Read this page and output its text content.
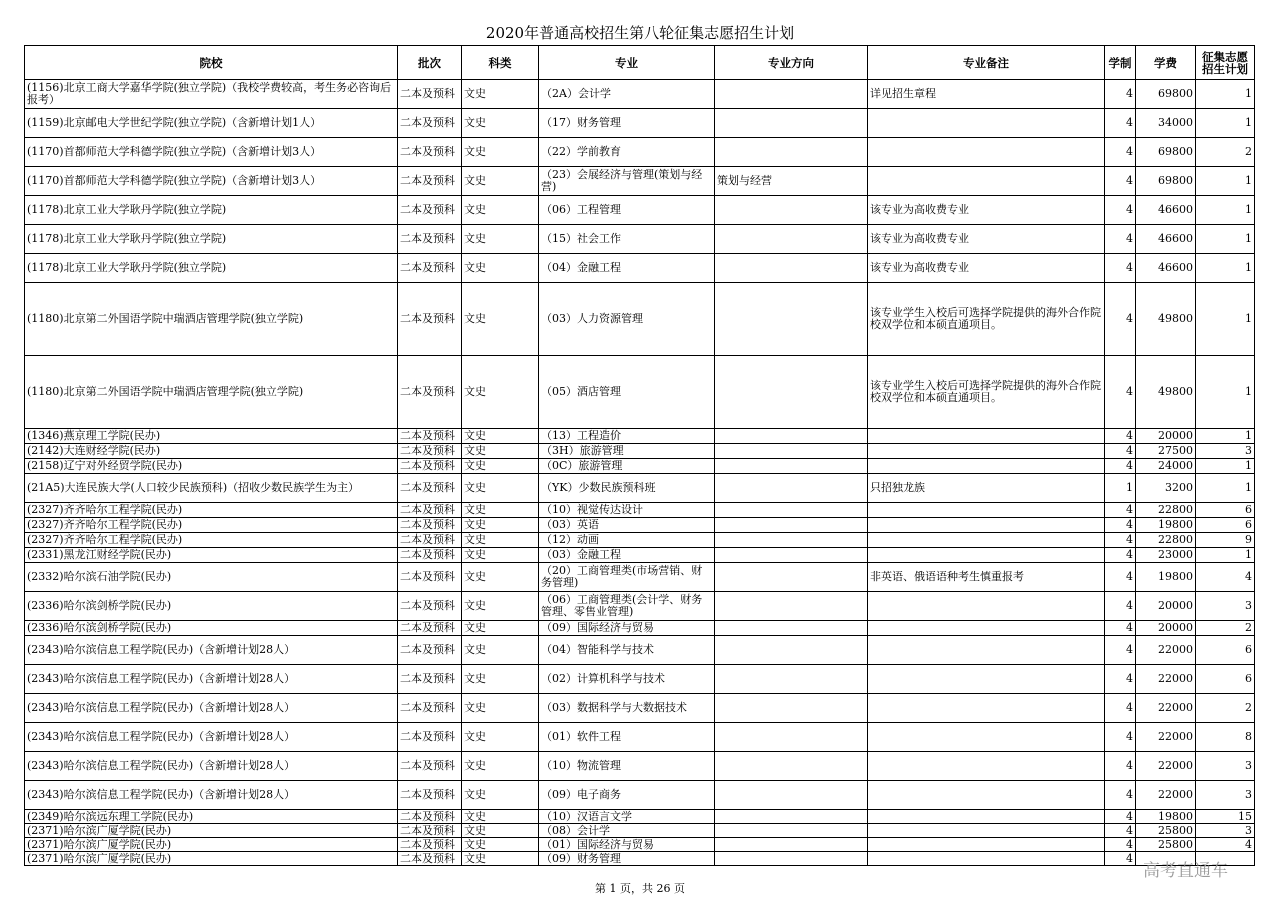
2020年普通高校招生第八轮征集志愿招生计划
院校	批次	科类	专业	专业方向	专业备注	学制	学费	征集志愿招生计划
(1156)北京工商大学嘉华学院(独立学院)（我校学费较高，考生务必咨询后报考）	二本及预科	文史	（2A）会计学		详见招生章程	4	69800	1
(1159)北京邮电大学世纪学院(独立学院)（含新增计划1人）	二本及预科	文史	（17）财务管理			4	34000	1
(1170)首都师范大学科德学院(独立学院)（含新增计划3人）	二本及预科	文史	（22）学前教育			4	69800	2
(1170)首都师范大学科德学院(独立学院)（含新增计划3人）	二本及预科	文史	（23）会展经济与管理(策划与经营)	策划与经营		4	69800	1
(1178)北京工业大学耿丹学院(独立学院)	二本及预科	文史	（06）工程管理		该专业为高收费专业	4	46600	1
(1178)北京工业大学耿丹学院(独立学院)	二本及预科	文史	（15）社会工作		该专业为高收费专业	4	46600	1
(1178)北京工业大学耿丹学院(独立学院)	二本及预科	文史	（04）金融工程		该专业为高收费专业	4	46600	1
(1180)北京第二外国语学院中瑞酒店管理学院(独立学院)	二本及预科	文史	（03）人力资源管理		该专业学生入校后可选择学院提供的海外合作院校双学位和本硕直通项目。	4	49800	1
(1180)北京第二外国语学院中瑞酒店管理学院(独立学院)	二本及预科	文史	（05）酒店管理		该专业学生入校后可选择学院提供的海外合作院校双学位和本硕直通项目。	4	49800	1
(1346)燕京理工学院(民办)	二本及预科	文史	（13）工程造价			4	20000	1
(2142)大连财经学院(民办)	二本及预科	文史	（3H）旅游管理			4	27500	3
(2158)辽宁对外经贸学院(民办)	二本及预科	文史	（0C）旅游管理			4	24000	1
(21A5)大连民族大学(人口较少民族预科)（招收少数民族学生为主）	二本及预科	文史	（YK）少数民族预科班		只招独龙族	1	3200	1
(2327)齐齐哈尔工程学院(民办)	二本及预科	文史	（10）视觉传达设计			4	22800	6
(2327)齐齐哈尔工程学院(民办)	二本及预科	文史	（03）英语			4	19800	6
(2327)齐齐哈尔工程学院(民办)	二本及预科	文史	（12）动画			4	22800	9
(2331)黑龙江财经学院(民办)	二本及预科	文史	（03）金融工程			4	23000	1
(2332)哈尔滨石油学院(民办)	二本及预科	文史	（20）工商管理类(市场营销、财务管理)		非英语、俄语语种考生慎重报考	4	19800	4
(2336)哈尔滨剑桥学院(民办)	二本及预科	文史	（06）工商管理类(会计学、财务管理、零售业管理)			4	20000	3
(2336)哈尔滨剑桥学院(民办)	二本及预科	文史	（09）国际经济与贸易			4	20000	2
(2343)哈尔滨信息工程学院(民办)（含新增计划28人）	二本及预科	文史	（04）智能科学与技术			4	22000	6
(2343)哈尔滨信息工程学院(民办)（含新增计划28人）	二本及预科	文史	（02）计算机科学与技术			4	22000	6
(2343)哈尔滨信息工程学院(民办)（含新增计划28人）	二本及预科	文史	（03）数据科学与大数据技术			4	22000	2
(2343)哈尔滨信息工程学院(民办)（含新增计划28人）	二本及预科	文史	（01）软件工程			4	22000	8
(2343)哈尔滨信息工程学院(民办)（含新增计划28人）	二本及预科	文史	（10）物流管理			4	22000	3
(2343)哈尔滨信息工程学院(民办)（含新增计划28人）	二本及预科	文史	（09）电子商务			4	22000	3
(2349)哈尔滨远东理工学院(民办)	二本及预科	文史	（10）汉语言文学			4	19800	15
(2371)哈尔滨广厦学院(民办)	二本及预科	文史	（08）会计学			4	25800	3
(2371)哈尔滨广厦学院(民办)	二本及预科	文史	（01）国际经济与贸易			4	25800	4
(2371)哈尔滨广厦学院(民办)	二本及预科	文史	（09）财务管理			4		
第 1 页，共 26 页
高考直通车
